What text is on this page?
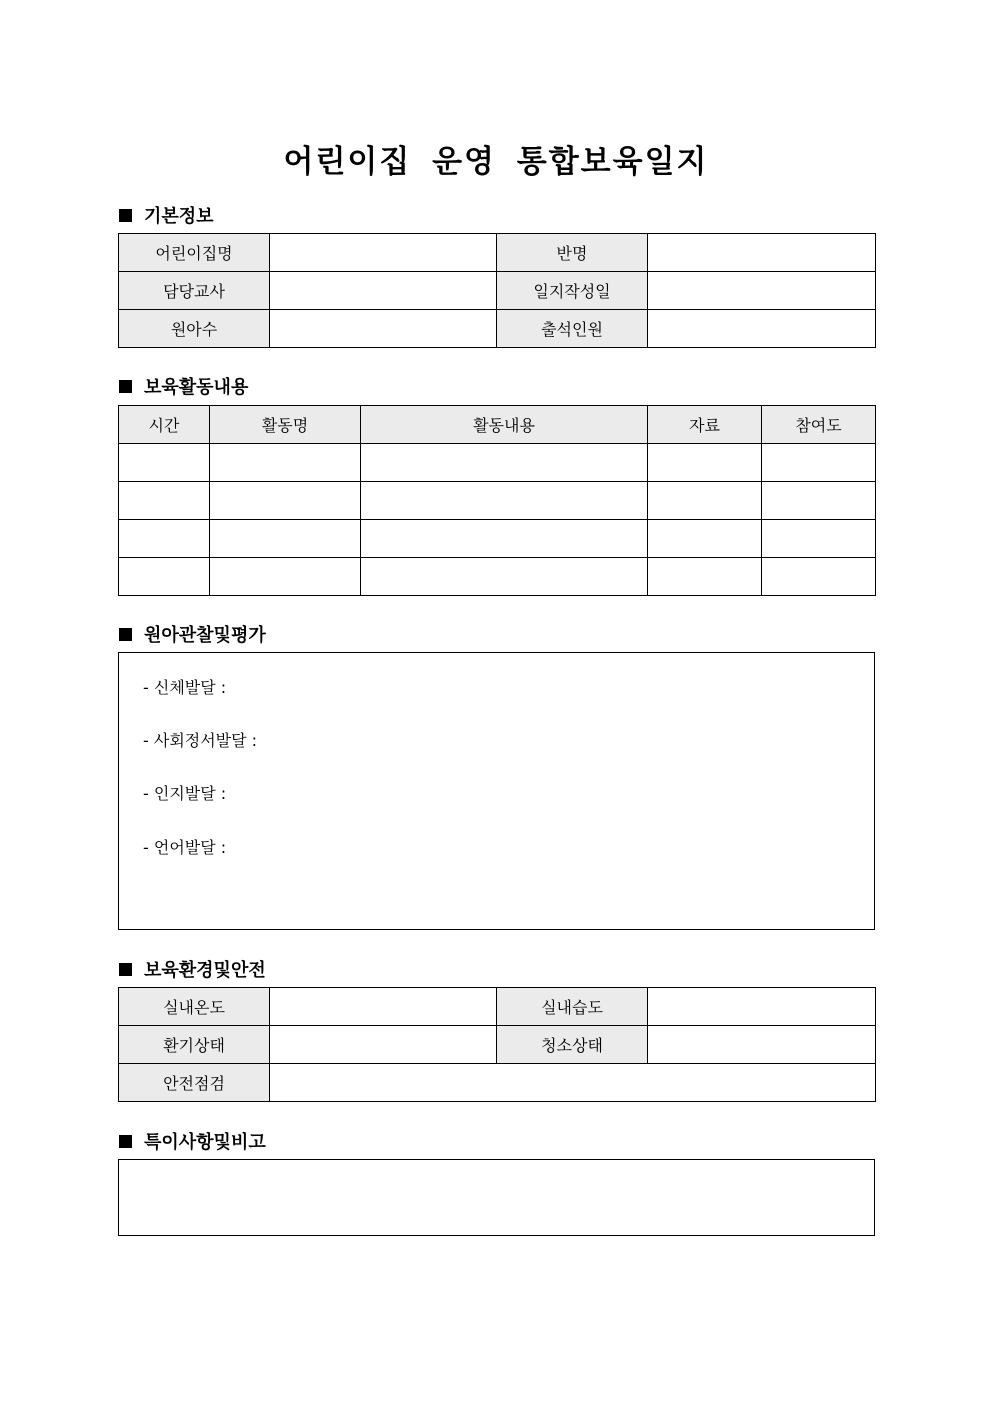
어린이집 운영 통합보육일지
기본정보
어린이집명		반명	
담당교사		일지작성일	
원아수		출석인원	
보육활동내용
시간	활동명	활동내용	자료	참여도

원아관찰및평가
- 신체발달 :
- 사회정서발달 :
- 인지발달 :
- 언어발달 :
보육환경및안전
실내온도		실내습도	
환기상태		청소상태	
안전점검			
특이사항및비고
